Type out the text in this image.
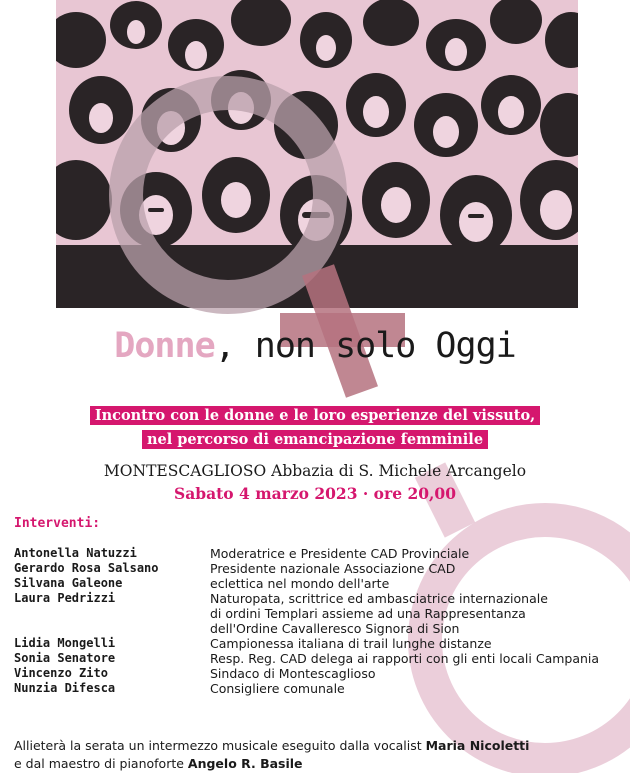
Donne, non solo Oggi
Incontro con le donne e le loro esperienze del vissuto,
nel percorso di emancipazione femminile
MONTESCAGLIOSO Abbazia di S. Michele Arcangelo
Sabato 4 marzo 2023 · ore 20,00
Interventi:
Antonella Natuzzi	Moderatrice e Presidente CAD Provinciale
Gerardo Rosa Salsano	Presidente nazionale Associazione CAD
Silvana Galeone	eclettica nel mondo dell'arte
Laura Pedrizzi	Naturopata, scrittrice ed ambasciatrice internazionale
di ordini Templari assieme ad una Rappresentanza
dell'Ordine Cavalleresco Signora di Sion
Lidia Mongelli	Campionessa italiana di trail lunghe distanze
Sonia Senatore	Resp. Reg. CAD delega ai rapporti con gli enti locali Campania
Vincenzo Zito	Sindaco di Montescaglioso
Nunzia Difesca	Consigliere comunale
Allieterà la serata un intermezzo musicale eseguito dalla vocalist Maria Nicoletti
e dal maestro di pianoforte Angelo R. Basile
